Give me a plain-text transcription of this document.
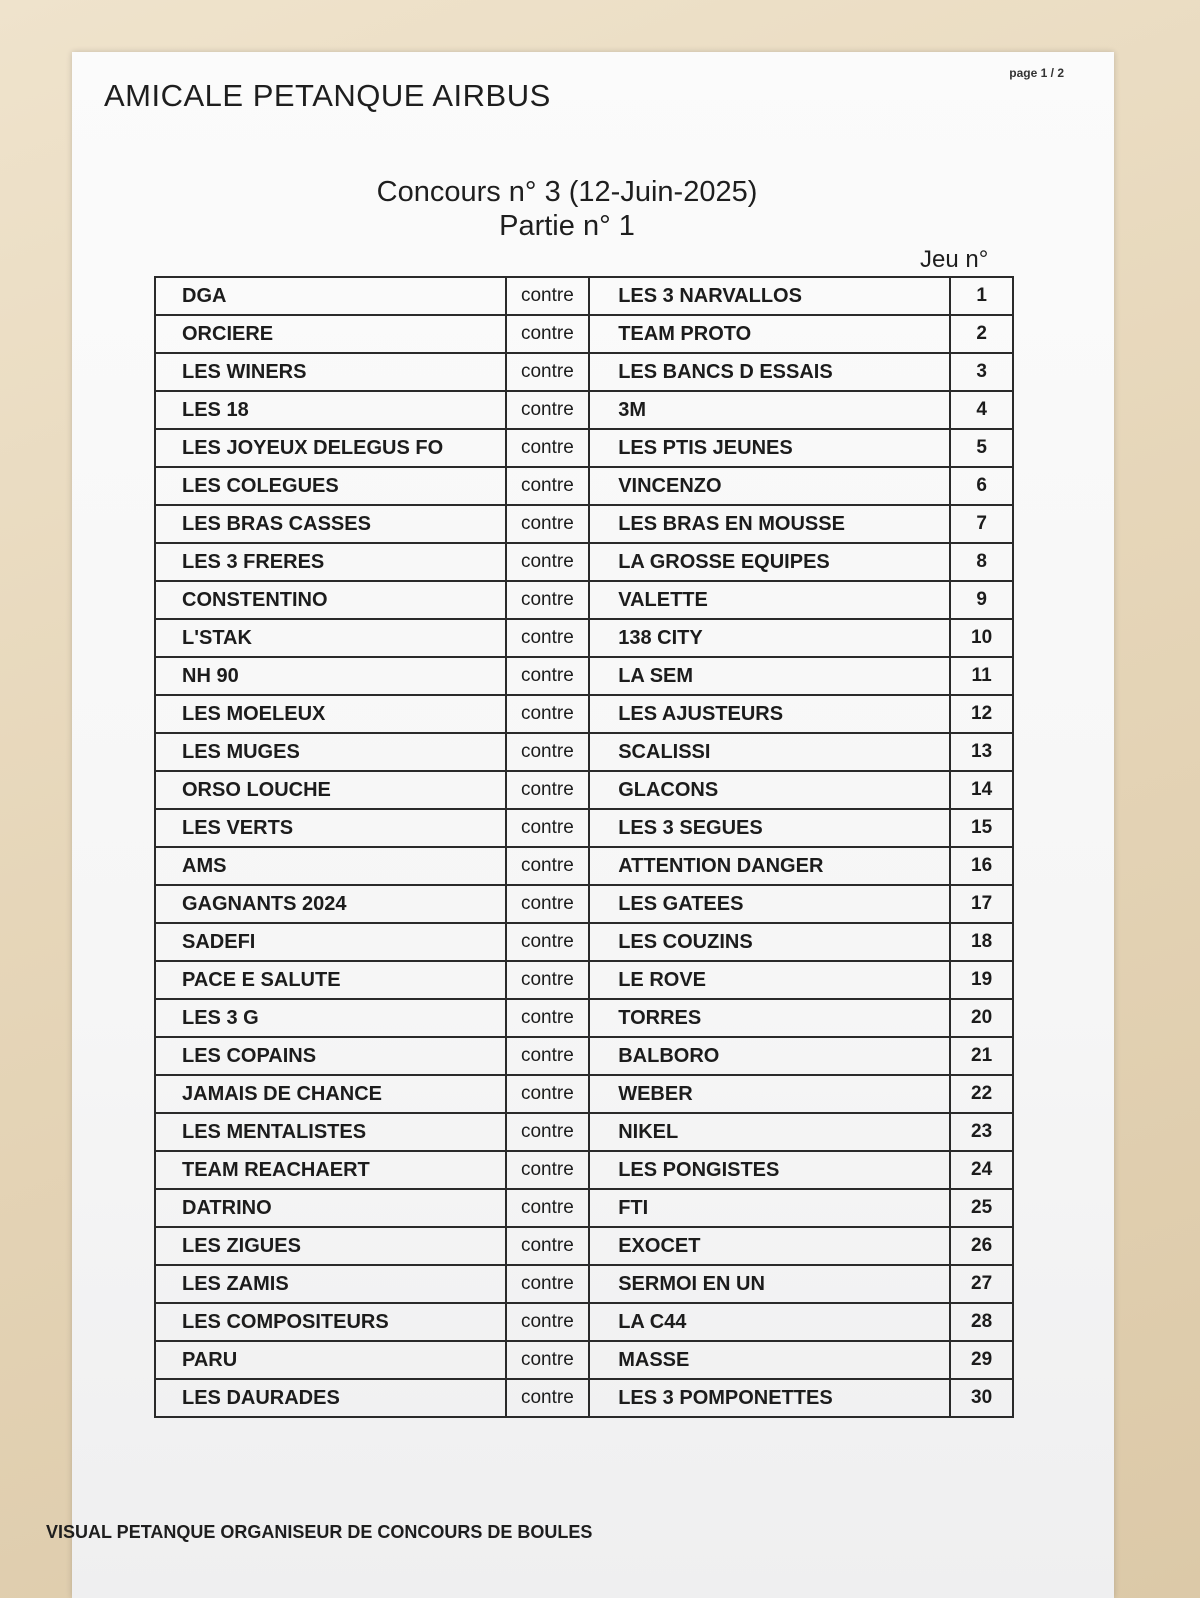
page 1 / 2
AMICALE PETANQUE AIRBUS
Concours n° 3 (12-Juin-2025)
Partie n° 1
Jeu n°
DGA	contre	LES 3 NARVALLOS	1
ORCIERE	contre	TEAM PROTO	2
LES WINERS	contre	LES BANCS D ESSAIS	3
LES 18	contre	3M	4
LES JOYEUX DELEGUS FO	contre	LES PTIS JEUNES	5
LES COLEGUES	contre	VINCENZO	6
LES BRAS CASSES	contre	LES BRAS EN MOUSSE	7
LES 3 FRERES	contre	LA GROSSE EQUIPES	8
CONSTENTINO	contre	VALETTE	9
L'STAK	contre	138 CITY	10
NH 90	contre	LA SEM	11
LES MOELEUX	contre	LES AJUSTEURS	12
LES MUGES	contre	SCALISSI	13
ORSO LOUCHE	contre	GLACONS	14
LES VERTS	contre	LES 3 SEGUES	15
AMS	contre	ATTENTION DANGER	16
GAGNANTS 2024	contre	LES GATEES	17
SADEFI	contre	LES COUZINS	18
PACE E SALUTE	contre	LE ROVE	19
LES 3 G	contre	TORRES	20
LES COPAINS	contre	BALBORO	21
JAMAIS DE CHANCE	contre	WEBER	22
LES MENTALISTES	contre	NIKEL	23
TEAM REACHAERT	contre	LES PONGISTES	24
DATRINO	contre	FTI	25
LES ZIGUES	contre	EXOCET	26
LES ZAMIS	contre	SERMOI EN UN	27
LES COMPOSITEURS	contre	LA C44	28
PARU	contre	MASSE	29
LES DAURADES	contre	LES 3 POMPONETTES	30
VISUAL PETANQUE ORGANISEUR DE CONCOURS DE BOULES
